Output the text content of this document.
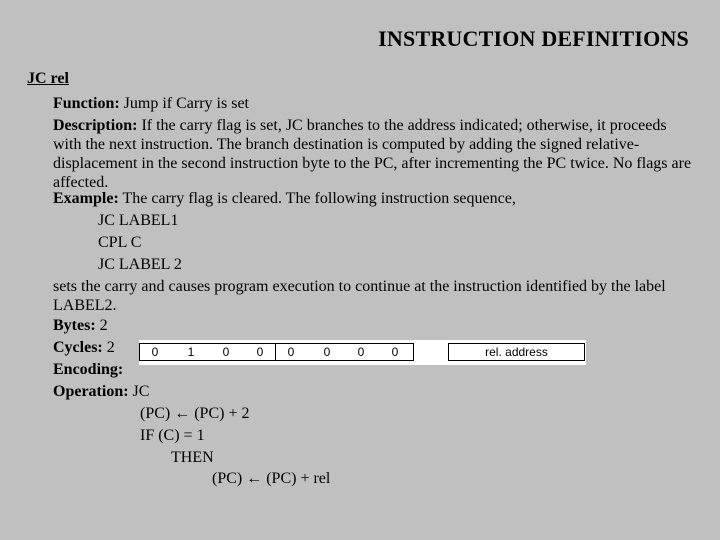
INSTRUCTION DEFINITIONS
JC rel
Function: Jump if Carry is set
Description: If the carry flag is set, JC branches to the address indicated; otherwise, it proceeds with the next instruction. The branch destination is computed by adding the signed relative-displacement in the second instruction byte to the PC, after incrementing the PC twice. No flags are affected.
Example: The carry flag is cleared. The following instruction sequence,
JC LABEL1
CPL C
JC LABEL 2
sets the carry and causes program execution to continue at the instruction identified by the label LABEL2.
Bytes: 2
Cycles: 2
Encoding:
0 1 0 0 0 0 0 0	rel. address
Operation: JC
(PC) ← (PC) + 2
IF (C) = 1
THEN
(PC) ← (PC) + rel
